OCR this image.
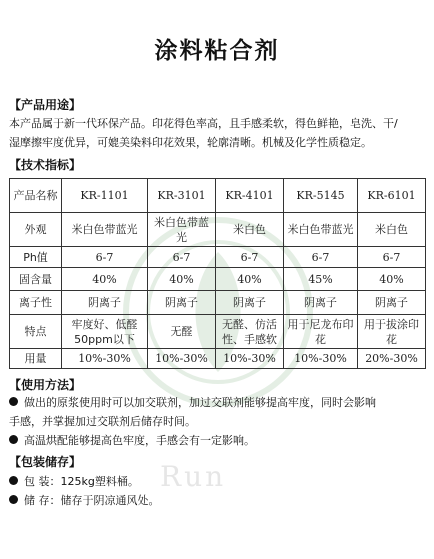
涂料粘合剂
【产品用途】
本产品属于新一代环保产品。印花得色率高，且手感柔软，得色鲜艳，皂洗、干/
湿摩擦牢度优异，可媲美染料印花效果，轮廓清晰。机械及化学性质稳定。
【技术指标】
产品名称	KR-1101	KR-3101	KR-4101	KR-5145	KR-6101
外观	米白色带蓝光	米白色带蓝光	米白色	米白色带蓝光	米白色
Ph值	6-7	6-7	6-7	6-7	6-7
固含量	40%	40%	40%	45%	40%
离子性	阴离子	阴离子	阴离子	阴离子	阴离子
特点	牢度好、低醛50ppm以下	无醛	无醛、仿活性、手感软	用于尼龙布印花	用于拔涂印花
用量	10%-30%	10%-30%	10%-30%	10%-30%	20%-30%
【使用方法】
做出的原浆使用时可以加交联剂，加过交联剂能够提高牢度，同时会影响
手感，并掌握加过交联剂后储存时间。
高温烘配能够提高色牢度，手感会有一定影响。
【包装储存】
包 装：125kg塑料桶。
储 存：储存于阴凉通风处。
Run
